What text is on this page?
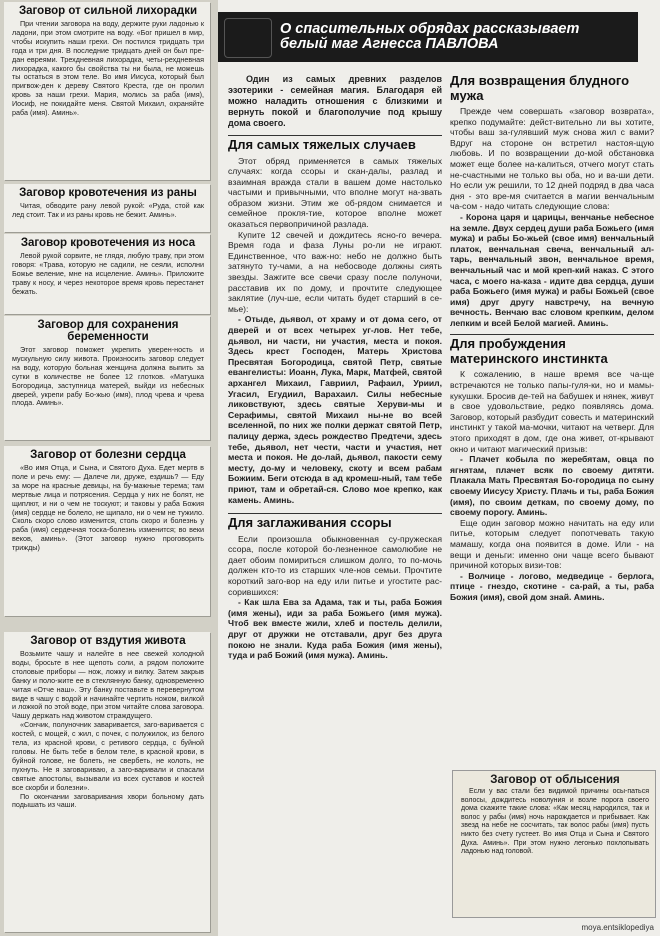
Заговор от сильной лихорадки

При чтении заговора на воду, держите руки ладонью к ладони, при этом смотрите на воду. «Бог пришел в мир, чтобы искупить наши грехи. Он постился тридцать три года и три дня. В последние тридцать дней он был пре-дан евреями. Трехдневная лихорадка, четы-рехдневная лихорадка, какого бы свойства ты ни была, не можешь ты остаться в этом теле. Во имя Иисуса, который был пригвож-ден к дереву Святого Креста, где он пролил кровь за наши грехи. Мария, молись за раба (имя), Иосиф, не покидайте меня. Святой Михаил, охраняйте раба (имя). Аминь».

Заговор кровотечения из раны

Читая, обводите рану левой рукой: «Руда, стой как лед стоит. Так и из раны кровь не бежит. Аминь».

Заговор кровотечения из носа

Левой рукой сорвите, не глядя, любую траву, при этом говоря: «Трава, которую не садили, не сеяли, исполни Божье веление, мне на исцеление. Аминь». Приложите траву к носу, и через некоторое время кровь перестанет бежать.

Заговор для сохранения беременности

Этот заговор поможет укрепить уверен-ность и мускульную силу живота. Произносить заговор следует на воду, которую больная женщина должна выпить за сутки в количестве не более 12 глотков. «Матушка Богородица, заступница матерей, выйди из небесных дверей, укрепи рабу Бо-жью (имя), плод чрева и чрева плода. Аминь».

Заговор от болезни сердца

«Во имя Отца, и Сына, и Святого Духа. Едет мертв в поле и речь ему: — Далече ли, друже, ездишь? — Еду за море на красные девицы, на бу-мажные терема; там мертвые лица и потрясения. Сердца у них не болят, не щиплют, и ни о чем не тоскуют; и таковы у раба Божия (имя) сердце не болело, не щипало, ни о чем не тужило. Сколь скоро слово изменится, столь скоро и болезнь у раба (имя) сердечная тоска-болезнь изменится; во веки веков, аминь». (Этот заговор нужно проговорить трижды)

Заговор от вздутия живота

Возьмите чашу и налейте в нее свежей холодной воды, бросьте в нее щепоть соли, а рядом положите столовые приборы — нож, ложку и вилку. Затем закрыв банку и поло-жите ее в стеклянную банку, одновременно читая «Отче наш». Эту банку поставьте в перевернутом виде в чашу с водой и начинайте чертить ножом, вилкой и ложкой по этой воде, при этом читайте слова заговора. Чашу держать над животом страждущего.

«Сончик, полуночник заваривается, заго-варивается с костей, с мощей, с жил, с почек, с полужилок, из белого тела, из красной крови, с ретивого сердца, с буйной головы. Не быть тебе в белом теле, в красной крови, в буйной голове, не болеть, не свербеть, не колоть, не пухнуть. Не я заговариваю, а заго-варивали и спасали святые апостолы, вызывали из всех суставов и костей все скорби и болезни».

По окончании заговаривания хвори больному дать подышать из чаши.

О спасительных обрядах рассказывает белый маг Агнесса ПАВЛОВА

Один из самых древних разделов эзотерики - семейная магия. Благодаря ей можно наладить отношения с близкими и вернуть покой и благополучие под крышу дома своего.

Для самых тяжелых случаев

Этот обряд применяется в самых тяжелых случаях: когда ссоры и скан-далы, разлад и взаимная вражда стали в вашем доме настолько частыми и привычными, что вполне могут на-звать образом жизни. Этим же об-рядом снимается и семейное прокля-тие, которое вполне может оказаться первопричиной разлада.

Купите 12 свечей и дождитесь ясно-го вечера. Время года и фаза Луны ро-ли не играют. Единственное, что важ-но: небо не должно быть затянуто ту-чами, а на небосводе должны сиять звезды. Зажгите все свечи сразу после полуночи, расставив их по дому, и прочтите следующее заклятие (луч-ше, если читать будет старший в се-мье):

- Отыде, дьявол, от храму и от дома сего, от дверей и от всех четырех уг-лов. Нет тебе, дьявол, ни части, ни участия, места и покоя. Здесь крест Господен, Матерь Христова Пресвятая Богородица, святой Петр, святые евангелисты: Иоанн, Лука, Марк, Матфей, святой архангел Михаил, Гавриил, Рафаил, Уриил, Угасил, Егудиил, Варахаил. Силы небесные ликовствуют, здесь святые Херуви-мы и Серафимы, святой Михаил ны-не во всей вселенной, по них же полки держат святой Петр, палицу держа, здесь рождество Предтечи, здесь тебе, дьявол, нет чести, части и участия, нет места и покоя. Не до-лай, дьявол, пакости сему месту, до-му и человеку, скоту и всем рабам Божиим. Беги отсюда в ад кромеш-ный, там тебе приют, там и обретай-ся. Слово мое крепко, как камень. Аминь.

Для заглаживания ссоры

Если произошла обыкновенная су-пружеская ссора, после которой бо-лезненное самолюбие не дает обоим помириться слишком долго, то по-мочь должен кто-то из старших чле-нов семьи. Прочтите короткий заго-вор на еду или питье и угостите рас-сорившихся:

- Как шла Ева за Адама, так и ты, раба Божия (имя жены), иди за раба Божьего (имя мужа). Чтоб век вместе жили, хлеб и постель делили, друг от дружки не отставали, друг без друга покою не знали. Куда раба Божия (имя жены), туда и раб Божий (имя мужа). Аминь.

Для возвращения блудного мужа

Прежде чем совершать «заговор возврата», крепко подумайте: дейст-вительно ли вы хотите, чтобы ваш за-гулявший муж снова жил с вами? Вдруг на стороне он встретил настоя-щую любовь. И по возвращении до-мой обстановка может еще более на-калиться, отчего могут стать не-счастными не только вы оба, но и ва-ши дети. Но если уж решили, то 12 дней подряд в два часа дня - это вре-мя считается в магии венчальным ча-сом - надо читать следующие слова:

- Корона царя и царицы, венчанье небесное на земле. Двух сердец души раба Божьего (имя мужа) и рабы Бо-жьей (свое имя) венчальный платок, венчальная свеча, венчальный ал-тарь, венчальный звон, венчальное время, венчальный час и мой креп-кий наказ. С этого часа, с моего на-каза - идите два сердца, души раба Божьего (имя мужа) и рабы Божьей (свое имя) друг другу навстречу, на вечную вечность. Венчаю вас словом крепким, делом лепким и всей Белой магией. Аминь.

Для пробуждения материнского инстинкта

К сожалению, в наше время все ча-ще встречаются не только папы-гуля-ки, но и мамы-кукушки. Бросив де-тей на бабушек и нянек, живут в свое удовольствие, редко появляясь дома. Заговор, который разбудит совесть и материнский инстинкт у такой ма-мочки, читают на четверг. Для этого приходят в дом, где она живет, от-крывают окно и читают магический призыв:

- Плачет кобыла по жеребятам, овца по ягнятам, плачет всяк по своему дитяти. Плакала Мать Пресвятая Бо-городица по сыну своему Иисусу Христу. Плачь и ты, раба Божия (имя), по своим деткам, по своему дому, по своему порогу. Аминь.

Еще один заговор можно начитать на еду или питье, которым следует попотчевать такую мамашу, когда она появится в доме. Или - на вещи и деньги: именно они чаще всего бывают причиной которых визи-тов:

- Волчице - логово, медведице - берлога, птице - гнездо, скотине - са-рай, а ты, раба Божия (имя), свой дом знай. Аминь.

Заговор от облысения

Если у вас стали без видимой причины осы-паться волосы, дождитесь новолуния и возле порога своего дома скажите такие слова: «Как месяц народился, так и волос у рабы (имя) ночь нарождается и прибывает. Как звезд на небе не сосчитать, так волос рабы (имя) пусть никто без счету густеет. Во имя Отца и Сына и Святого Духа. Аминь». При этом нужно легонько похлопывать ладонью над головой.

moya.entsiklopediya
